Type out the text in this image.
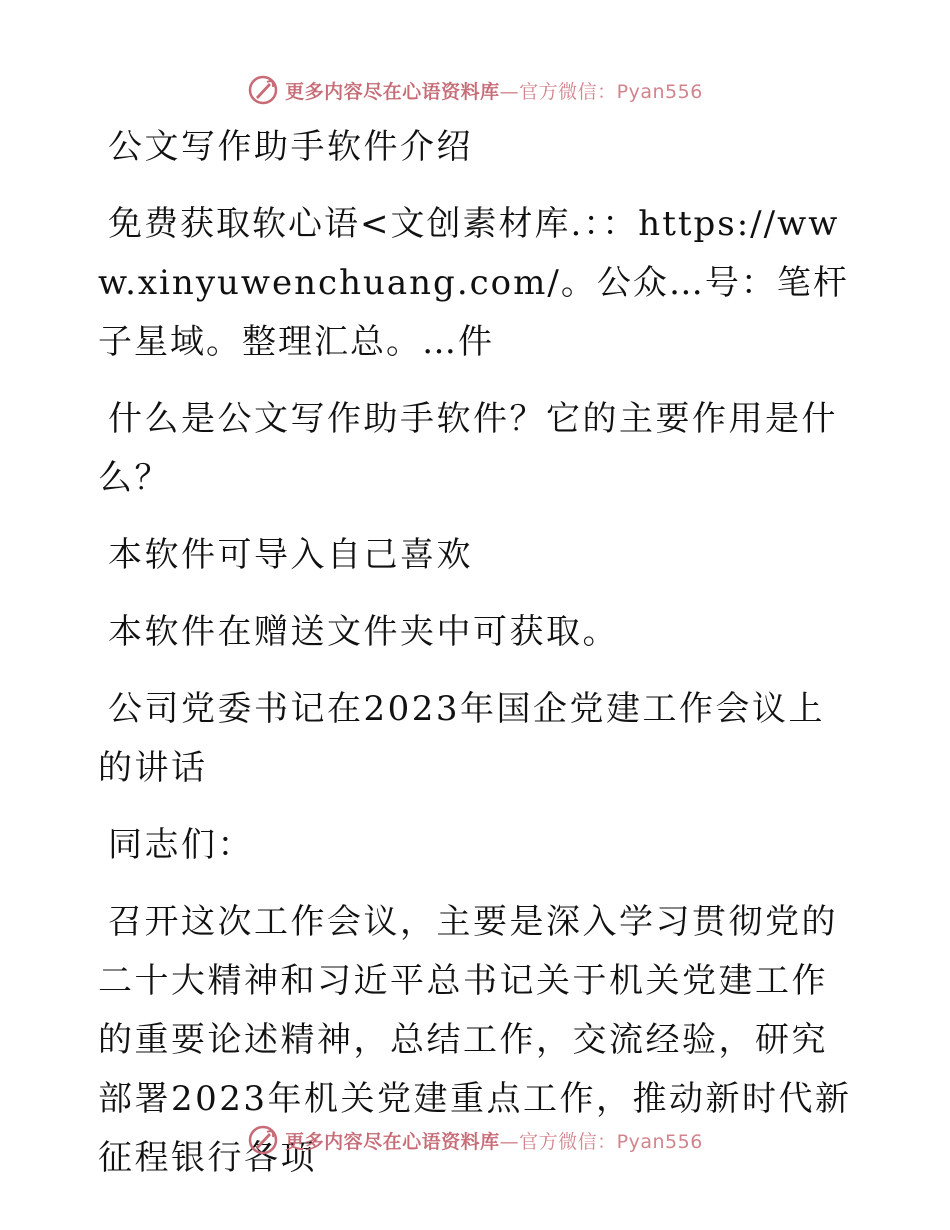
更多内容尽在心语资料库—官方微信：Pyan556

公文写作助手软件介绍

免费获取软心语<文创素材库.：：https://www.xinyuwenchuang.com/。公众…号：笔杆子星域。整理汇总。…件

什么是公文写作助手软件？它的主要作用是什么？

本软件可导入自己喜欢

本软件在赠送文件夹中可获取。

公司党委书记在2023年国企党建工作会议上的讲话

同志们：

召开这次工作会议，主要是深入学习贯彻党的二十大精神和习近平总书记关于机关党建工作的重要论述精神，总结工作，交流经验，研究部署2023年机关党建重点工作，推动新时代新征程银行各项

更多内容尽在心语资料库—官方微信：Pyan556
